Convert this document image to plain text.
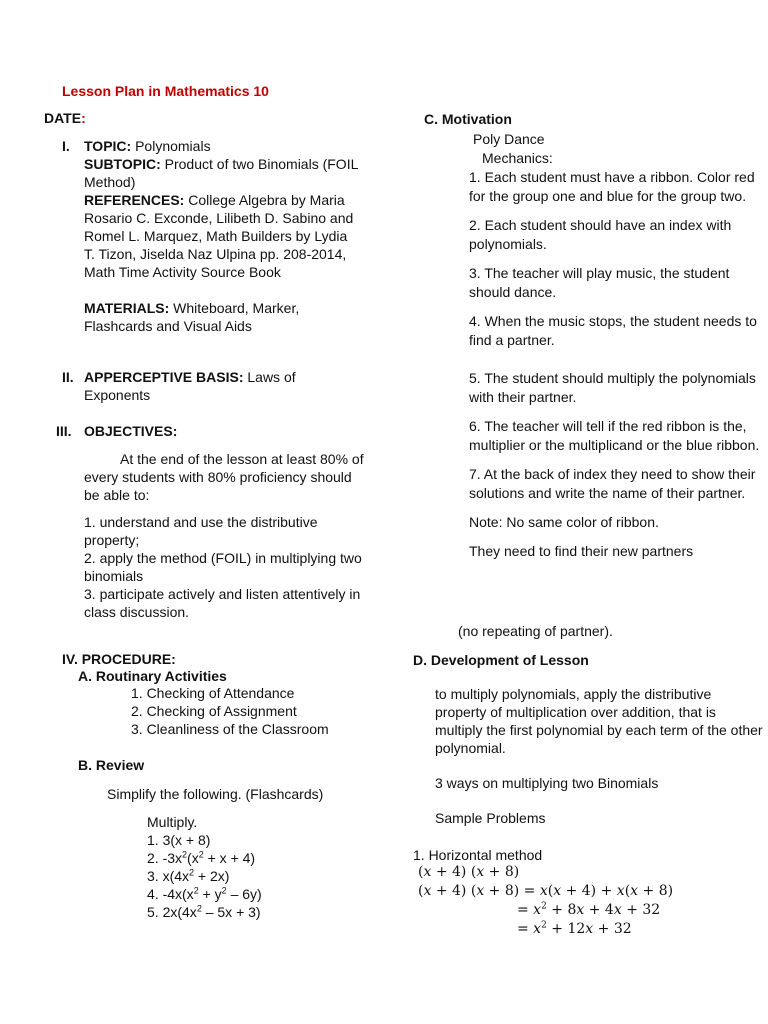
Lesson Plan in Mathematics 10
DATE:
I.	TOPIC: Polynomials

SUBTOPIC: Product of two Binomials (FOIL Method)

REFERENCES: College Algebra by Maria Rosario C. Exconde, Lilibeth D. Sabino and Romel L. Marquez, Math Builders by Lydia T. Tizon, Jiselda Naz Ulpina pp. 208-2014, Math Time Activity Source Book

MATERIALS: Whiteboard, Marker, Flashcards and Visual Aids

II. APPERCEPTIVE BASIS: Laws of Exponents

III. OBJECTIVES:

At the end of the lesson at least 80% of every students with 80% proficiency should be able to:

1. understand and use the distributive property;

2. apply the method (FOIL) in multiplying two binomials

3. participate actively and listen attentively in class discussion.

IV. PROCEDURE:
A. Routinary Activities

1. Checking of Attendance

2. Checking of Assignment

3. Cleanliness of the Classroom

B. Review
Simplify the following. (Flashcards)

Multiply.

1. 3(x + 8)

2. $-3x^2(x^2 + x + 4)$

3. $x(4x^2 + 2x)$

4. $-4x(x^2 + y^2 - 6y)$

5. $2x(4x^2 - 5x + 3)$

C. Motivation
Poly Dance
Mechanics:

1. Each student must have a ribbon. Color red for the group one and blue for the group two.

2. Each student should have an index with polynomials.

3. The teacher will play music, the student should dance.

4. When the music stops, the student needs to find a partner.

5. The student should multiply the polynomials with their partner.

6. The teacher will tell if the red ribbon is the, multiplier or the multiplicand or the blue ribbon.

7. At the back of index they need to show their solutions and write the name of their partner.

Note: No same color of ribbon.

They need to find their new partners

(no repeating of partner).
D. Development of Lesson

to multiply polynomials, apply the distributive property of multiplication over addition, that is multiply the first polynomial by each term of the other polynomial.

3 ways on multiplying two Binomials

Sample Problems

1. Horizontal method
(x + 4) (x + 8)
(x + 4) (x + 8) = x(x + 4) + x(x + 8)
= $x^2 + 8x + 4x + 32$
= $x^2 + 12x + 32$
